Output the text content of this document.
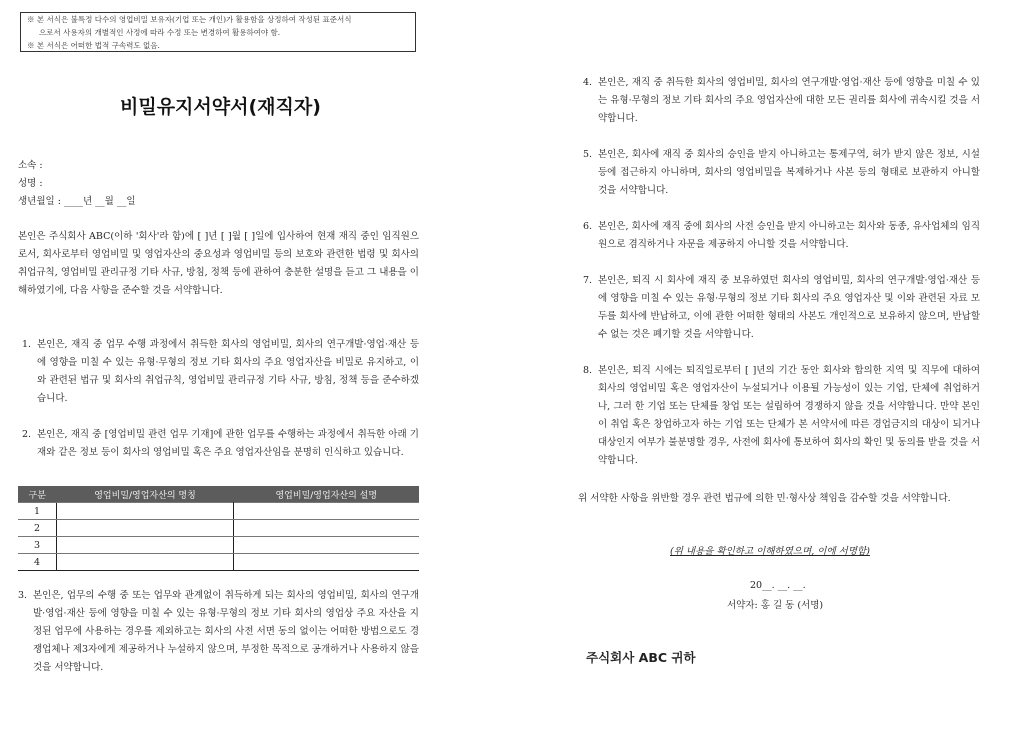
※ 본 서식은 불특정 다수의 영업비밀 보유자(기업 또는 개인)가 활용함을 상정하여 작성된 표준서식
으로서 사용자의 개별적인 사정에 따라 수정 또는 변경하여 활용하여야 함.
※ 본 서식은 어떠한 법적 구속력도 없음.
비밀유지서약서(재직자)
소속 :
성명 :
생년월일 : ____년 __월 __일
본인은 주식회사 ABC(이하 '회사'라 함)에 [ ]년 [ ]월 [ ]일에 입사하여 현재 재직 중인 임직원으로서, 회사로부터 영업비밀 및 영업자산의 중요성과 영업비밀 등의 보호와 관련한 법령 및 회사의 취업규칙, 영업비밀 관리규정 기타 사규, 방침, 정책 등에 관하여 충분한 설명을 듣고 그 내용을 이해하였기에, 다음 사항을 준수할 것을 서약합니다.
1. 본인은, 재직 중 업무 수행 과정에서 취득한 회사의 영업비밀, 회사의 연구개발·영업·재산 등에 영향을 미칠 수 있는 유형·무형의 정보 기타 회사의 주요 영업자산을 비밀로 유지하고, 이와 관련된 법규 및 회사의 취업규칙, 영업비밀 관리규정 기타 사규, 방침, 정책 등을 준수하겠습니다.
2. 본인은, 재직 중 [영업비밀 관련 업무 기재]에 관한 업무를 수행하는 과정에서 취득한 아래 기재와 같은 정보 등이 회사의 영업비밀 혹은 주요 영업자산임을 분명히 인식하고 있습니다.
구분	영업비밀/영업자산의 명칭	영업비밀/영업자산의 설명
1		
2		
3		
4		
3. 본인은, 업무의 수행 중 또는 업무와 관계없이 취득하게 되는 회사의 영업비밀, 회사의 연구개발·영업·재산 등에 영향을 미칠 수 있는 유형·무형의 정보 기타 회사의 영업상 주요 자산을 지정된 업무에 사용하는 경우를 제외하고는 회사의 사전 서면 동의 없이는 어떠한 방법으로도 경쟁업체나 제3자에게 제공하거나 누설하지 않으며, 부정한 목적으로 공개하거나 사용하지 않을 것을 서약합니다.
4. 본인은, 재직 중 취득한 회사의 영업비밀, 회사의 연구개발·영업·재산 등에 영향을 미칠 수 있는 유형·무형의 정보 기타 회사의 주요 영업자산에 대한 모든 권리를 회사에 귀속시킬 것을 서약합니다.
5. 본인은, 회사에 재직 중 회사의 승인을 받지 아니하고는 통제구역, 허가 받지 않은 정보, 시설 등에 접근하지 아니하며, 회사의 영업비밀을 복제하거나 사본 등의 형태로 보관하지 아니할 것을 서약합니다.
6. 본인은, 회사에 재직 중에 회사의 사전 승인을 받지 아니하고는 회사와 동종, 유사업체의 임직원으로 겸직하거나 자문을 제공하지 아니할 것을 서약합니다.
7. 본인은, 퇴직 시 회사에 재직 중 보유하였던 회사의 영업비밀, 회사의 연구개발·영업·재산 등에 영향을 미칠 수 있는 유형·무형의 정보 기타 회사의 주요 영업자산 및 이와 관련된 자료 모두를 회사에 반납하고, 이에 관한 어떠한 형태의 사본도 개인적으로 보유하지 않으며, 반납할 수 없는 것은 폐기할 것을 서약합니다.
8. 본인은, 퇴직 시에는 퇴직일로부터 [ ]년의 기간 동안 회사와 합의한 지역 및 직무에 대하여 회사의 영업비밀 혹은 영업자산이 누설되거나 이용될 가능성이 있는 기업, 단체에 취업하거나, 그러 한 기업 또는 단체를 창업 또는 설립하여 경쟁하지 않을 것을 서약합니다. 만약 본인이 취업 혹은 창업하고자 하는 기업 또는 단체가 본 서약서에 따른 경업금지의 대상이 되거나 대상인지 여부가 불분명할 경우, 사전에 회사에 통보하여 회사의 확인 및 동의를 받을 것을 서약합니다.
위 서약한 사항을 위반할 경우 관련 법규에 의한 민·형사상 책임을 감수할 것을 서약합니다.
(위 내용을 확인하고 이해하였으며, 이에 서명함)
20__. __. __.
서약자: 홍 길 동 (서명)
주식회사 ABC 귀하
